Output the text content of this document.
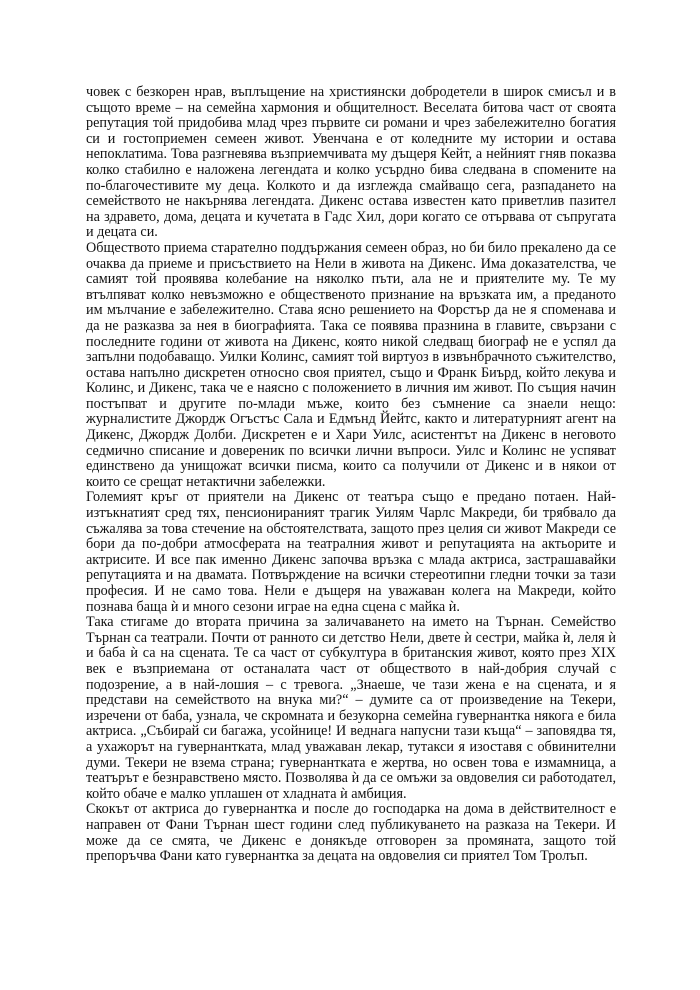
човек с безкорен нрав, въплъщение на християнски добродетели в широк смисъл и в същото време – на семейна хармония и общителност. Веселата битова част от своята репутация той придобива млад чрез първите си романи и чрез забележително богатия си и гостоприемен семеен живот. Увенчана е от коледните му истории и остава непоклатима. Това разгневява възприемчивата му дъщеря Кейт, а нейният гняв показва колко стабилно е наложена легендата и колко усърдно бива следвана в спомените на по-благочестивите му деца. Колкото и да изглежда смайващо сега, разпадането на семейството не накърнява легендата. Дикенс остава известен като приветлив пазител на здравето, дома, децата и кучетата в Гадс Хил, дори когато се отървава от съпругата и децата си.

Обществото приема старателно поддържания семеен образ, но би било прекалено да се очаква да приеме и присъствието на Нели в живота на Дикенс. Има доказателства, че самият той проявява колебание на няколко пъти, ала не и приятелите му. Те му втълпяват колко невъзможно е общественото признание на връзката им, а преданото им мълчание е забележително. Става ясно решението на Форстър да не я споменава и да не разказва за нея в биографията. Така се появява празнина в главите, свързани с последните години от живота на Дикенс, която никой следващ биограф не е успял да запълни подобаващо. Уилки Колинс, самият той виртуоз в извънбрачното съжителство, остава напълно дискретен относно своя приятел, също и Франк Биърд, който лекува и Колинс, и Дикенс, така че е наясно с положението в личния им живот. По същия начин постъпват и другите по-млади мъже, които без съмнение са знаели нещо: журналистите Джордж Огъстъс Сала и Едмънд Йейтс, както и литературният агент на Дикенс, Джордж Долби. Дискретен е и Хари Уилс, асистентът на Дикенс в неговото седмично списание и довереник по всички лични въпроси. Уилс и Колинс не успяват единствено да унищожат всички писма, които са получили от Дикенс и в някои от които се срещат нетактични забележки.

Големият кръг от приятели на Дикенс от театъра също е предано потаен. Най-изтъкнатият сред тях, пенсионираният трагик Уилям Чарлс Макреди, би трябвало да съжалява за това стечение на обстоятелствата, защото през целия си живот Макреди се бори да по-добри атмосферата на театралния живот и репутацията на актьорите и актрисите. И все пак именно Дикенс започва връзка с млада актриса, застрашавайки репутацията и на двамата. Потвърждение на всички стереотипни гледни точки за тази професия. И не само това. Нели е дъщеря на уважаван колега на Макреди, който познава баща ѝ и много сезони играе на една сцена с майка ѝ.

Така стигаме до втората причина за заличаването на името на Търнан. Семейство Търнан са театрали. Почти от ранното си детство Нели, двете ѝ сестри, майка ѝ, леля ѝ и баба ѝ са на сцената. Те са част от субкултура в британския живот, която през XIX век е възприемана от останалата част от обществото в най-добрия случай с подозрение, а в най-лошия – с тревога. „Знаеше, че тази жена е на сцената, и я представи на семейството на внука ми?“ – думите са от произведение на Текери, изречени от баба, узнала, че скромната и безукорна семейна гувернантка някога е била актриса. „Събирай си багажа, усойнице! И веднага напусни тази къща“ – заповядва тя, а ухажорът на гувернантката, млад уважаван лекар, тутакси я изоставя с обвинителни думи. Текери не взема страна; гувернантката е жертва, но освен това е измамница, а театърът е безнравствено място. Позволява ѝ да се омъжи за овдовелия си работодател, който обаче е малко уплашен от хладната ѝ амбиция.

Скокът от актриса до гувернантка и после до господарка на дома в действителност е направен от Фани Търнан шест години след публикуването на разказа на Текери. И може да се смята, че Дикенс е донякъде отговорен за промяната, защото той препоръчва Фани като гувернантка за децата на овдовелия си приятел Том Тролъп.
